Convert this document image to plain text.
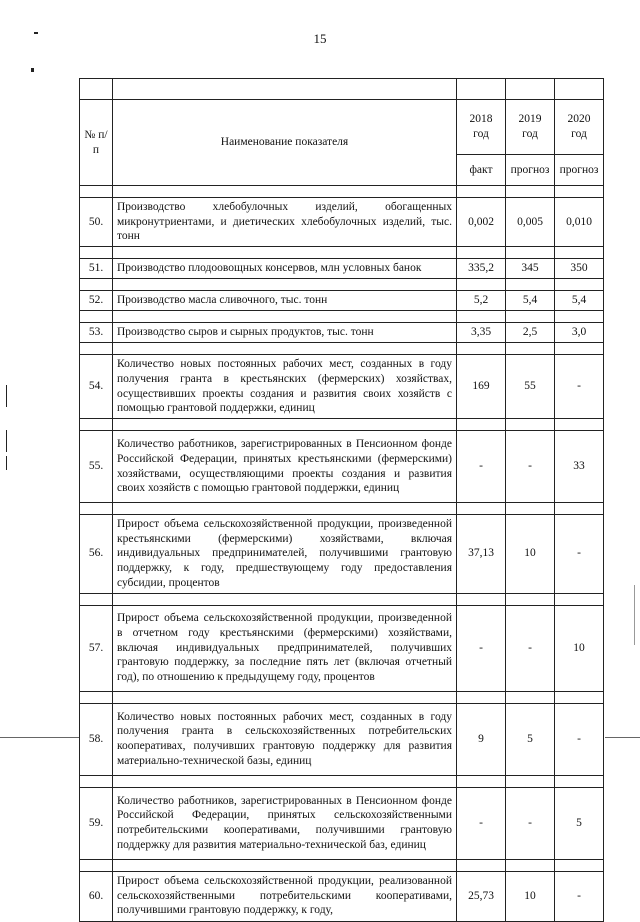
15

№ п/п	Наименование показателя	2018 год	2019 год	2020 год
		факт	прогноз	прогноз

50.	Производство хлебобулочных изделий, обогащенных микронутриентами, и диетических хлебобулочных изделий, тыс. тонн	0,002	0,005	0,010

51.	Производство плодоовощных консервов, млн условных банок	335,2	345	350

52.	Производство масла сливочного, тыс. тонн	5,2	5,4	5,4

53.	Производство сыров и сырных продуктов, тыс. тонн	3,35	2,5	3,0

54.	Количество новых постоянных рабочих мест, созданных в году получения гранта в крестьянских (фермерских) хозяйствах, осуществивших проекты создания и развития своих хозяйств с помощью грантовой поддержки, единиц	169	55	-

55.	Количество работников, зарегистрированных в Пенсионном фонде Российской Федерации, принятых крестьянскими (фермерскими) хозяйствами, осуществляющими проекты создания и развития своих хозяйств с помощью грантовой поддержки, единиц	-	-	33

56.	Прирост объема сельскохозяйственной продукции, произведенной крестьянскими (фермерскими) хозяйствами, включая индивидуальных предпринимателей, получившими грантовую поддержку, к году, предшествующему году предоставления субсидии, процентов	37,13	10	-

57.	Прирост объема сельскохозяйственной продукции, произведенной в отчетном году крестьянскими (фермерскими) хозяйствами, включая индивидуальных предпринимателей, получивших грантовую поддержку, за последние пять лет (включая отчетный год), по отношению к предыдущему году, процентов	-	-	10

58.	Количество новых постоянных рабочих мест, созданных в году получения гранта в сельскохозяйственных потребительских кооперативах, получивших грантовую поддержку для развития материально-технической базы, единиц	9	5	-

59.	Количество работников, зарегистрированных в Пенсионном фонде Российской Федерации, принятых сельскохозяйственными потребительскими кооперативами, получившими грантовую поддержку для развития материально-технической баз, единиц	-	-	5

60.	Прирост объема сельскохозяйственной продукции, реализованной сельскохозяйственными потребительскими кооперативами, получившими грантовую поддержку, к году,	25,73	10	-
